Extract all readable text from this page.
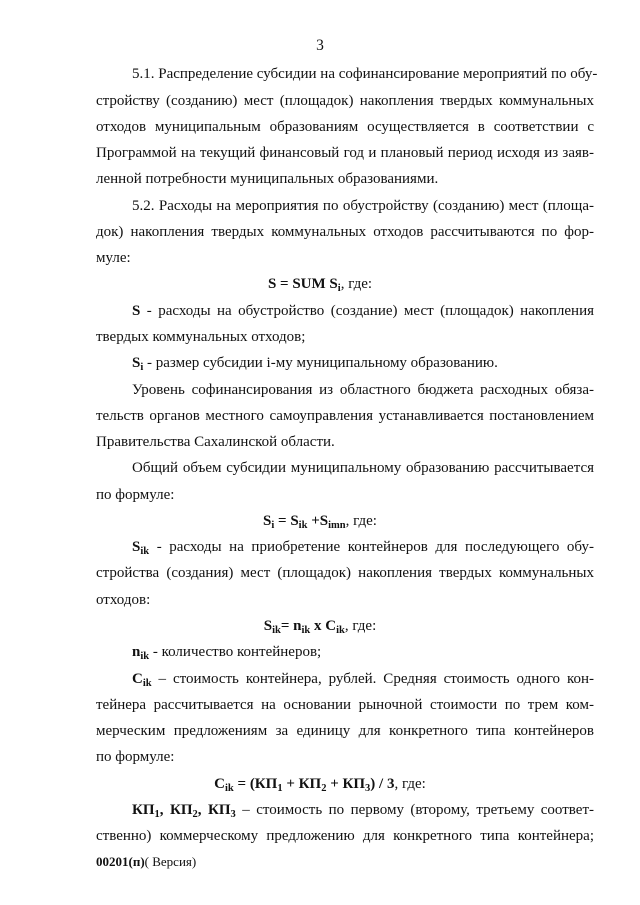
3
5.1. Распределение субсидии на софинансирование мероприятий по обу-
стройству (созданию) мест (площадок) накопления твердых коммунальных
отходов муниципальным образованиям осуществляется в соответствии с
Программой на текущий финансовый год и плановый период исходя из заяв-
ленной потребности муниципальных образованиями.
5.2. Расходы на мероприятия по обустройству (созданию) мест (площа-
док) накопления твердых коммунальных отходов рассчитываются по фор-
муле:
S = SUM $S_i$, где:
S - расходы на обустройство (создание) мест (площадок) накопления
твердых коммунальных отходов;
$S_i$ - размер субсидии i-му муниципальному образованию.
Уровень софинансирования из областного бюджета расходных обяза-
тельств органов местного самоуправления устанавливается постановлением
Правительства Сахалинской области.
Общий объем субсидии муниципальному образованию рассчитывается
по формуле:
$S_i = S_{ik} +S_{imn}$, где:
$S_{ik}$ - расходы на приобретение контейнеров для последующего обу-
стройства (создания) мест (площадок) накопления твердых коммунальных
отходов:
$S_{ik}= n_{ik}$ x $C_{ik}$, где:
$n_{ik}$ - количество контейнеров;
$C_{ik}$ – стоимость контейнера, рублей. Средняя стоимость одного кон-
тейнера рассчитывается на основании рыночной стоимости по трем ком-
мерческим предложениям за единицу для конкретного типа контейнеров
по формуле:
$C_{ik} = (КП_1 + КП_2 + КП_3) / 3$, где:
$КП_1$, $КП_2$, $КП_3$ – стоимость по первому (второму, третьему соответ-
ственно) коммерческому предложению для конкретного типа контейнера;
00201(п)( Версия)
